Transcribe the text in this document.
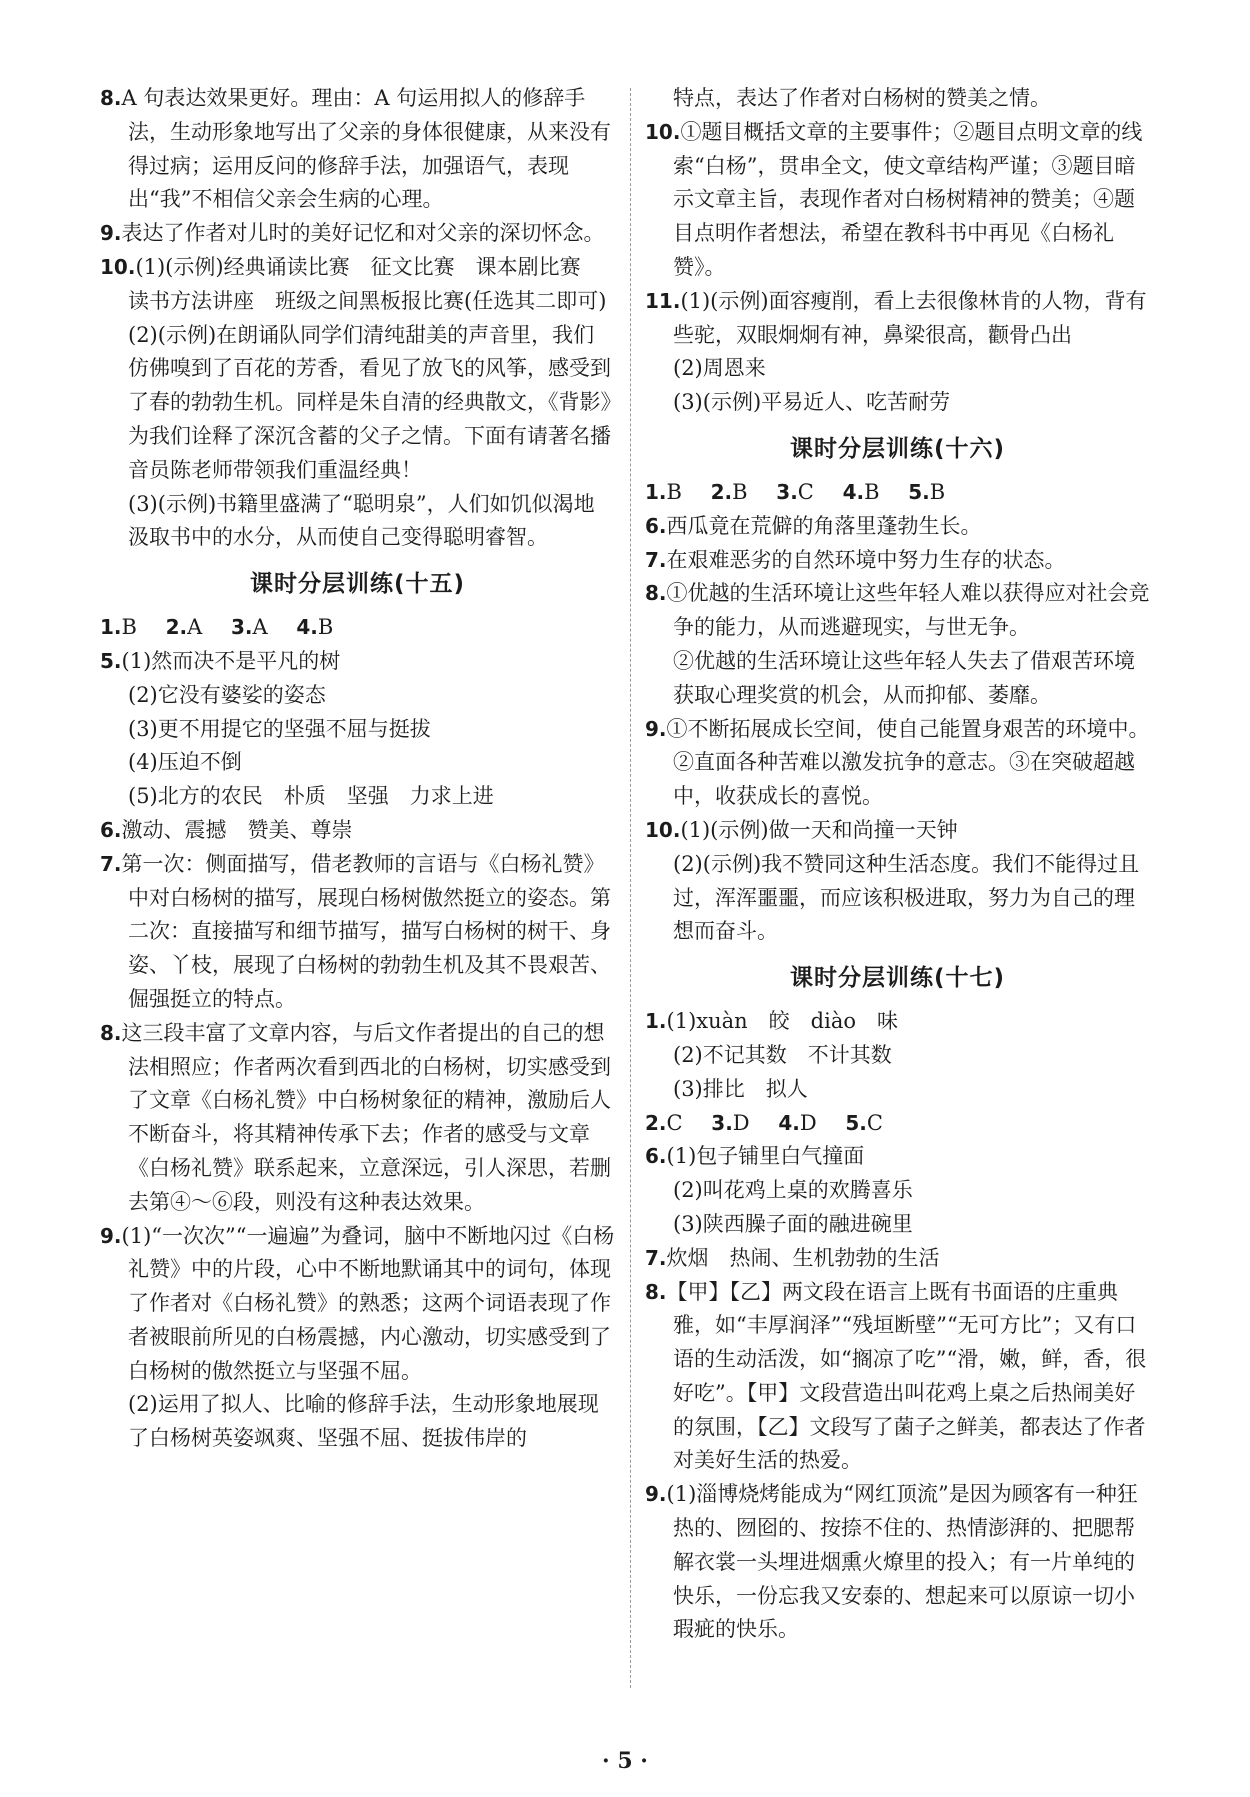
8.A 句表达效果更好。理由：A 句运用拟人的修辞手法，生动形象地写出了父亲的身体很健康，从来没有得过病；运用反问的修辞手法，加强语气，表现出“我”不相信父亲会生病的心理。

9.表达了作者对儿时的美好记忆和对父亲的深切怀念。

10.(1)(示例)经典诵读比赛　征文比赛　课本剧比赛　读书方法讲座　班级之间黑板报比赛(任选其二即可)
(2)(示例)在朗诵队同学们清纯甜美的声音里，我们仿佛嗅到了百花的芳香，看见了放飞的风筝，感受到了春的勃勃生机。同样是朱自清的经典散文，《背影》为我们诠释了深沉含蓄的父子之情。下面有请著名播音员陈老师带领我们重温经典！
(3)(示例)书籍里盛满了“聪明泉”，人们如饥似渴地汲取书中的水分，从而使自己变得聪明睿智。

课时分层训练(十五)

1.B 2.A 3.A 4.B

5.(1)然而决不是平凡的树
(2)它没有婆娑的姿态
(3)更不用提它的坚强不屈与挺拔
(4)压迫不倒
(5)北方的农民　朴质　坚强　力求上进

6.激动、震撼　赞美、尊崇

7.第一次：侧面描写，借老教师的言语与《白杨礼赞》中对白杨树的描写，展现白杨树傲然挺立的姿态。第二次：直接描写和细节描写，描写白杨树的树干、身姿、丫枝，展现了白杨树的勃勃生机及其不畏艰苦、倔强挺立的特点。

8.这三段丰富了文章内容，与后文作者提出的自己的想法相照应；作者两次看到西北的白杨树，切实感受到了文章《白杨礼赞》中白杨树象征的精神，激励后人不断奋斗，将其精神传承下去；作者的感受与文章《白杨礼赞》联系起来，立意深远，引人深思，若删去第④～⑥段，则没有这种表达效果。

9.(1)“一次次”“一遍遍”为叠词，脑中不断地闪过《白杨礼赞》中的片段，心中不断地默诵其中的词句，体现了作者对《白杨礼赞》的熟悉；这两个词语表现了作者被眼前所见的白杨震撼，内心激动，切实感受到了白杨树的傲然挺立与坚强不屈。
(2)运用了拟人、比喻的修辞手法，生动形象地展现了白杨树英姿飒爽、坚强不屈、挺拔伟岸的

特点，表达了作者对白杨树的赞美之情。

10.①题目概括文章的主要事件；②题目点明文章的线索“白杨”，贯串全文，使文章结构严谨；③题目暗示文章主旨，表现作者对白杨树精神的赞美；④题目点明作者想法，希望在教科书中再见《白杨礼赞》。

11.(1)(示例)面容瘦削，看上去很像林肯的人物，背有些驼，双眼炯炯有神，鼻梁很高，颧骨凸出
(2)周恩来
(3)(示例)平易近人、吃苦耐劳

课时分层训练(十六)

1.B 2.B 3.C 4.B 5.B

6.西瓜竟在荒僻的角落里蓬勃生长。

7.在艰难恶劣的自然环境中努力生存的状态。

8.①优越的生活环境让这些年轻人难以获得应对社会竞争的能力，从而逃避现实，与世无争。
②优越的生活环境让这些年轻人失去了借艰苦环境获取心理奖赏的机会，从而抑郁、萎靡。

9.①不断拓展成长空间，使自己能置身艰苦的环境中。②直面各种苦难以激发抗争的意志。③在突破超越中，收获成长的喜悦。

10.(1)(示例)做一天和尚撞一天钟
(2)(示例)我不赞同这种生活态度。我们不能得过且过，浑浑噩噩，而应该积极进取，努力为自己的理想而奋斗。

课时分层训练(十七)

1.(1)xuàn　皎　diào　味
(2)不记其数　不计其数
(3)排比　拟人

2.C 3.D 4.D 5.C

6.(1)包子铺里白气撞面
(2)叫花鸡上桌的欢腾喜乐
(3)陕西臊子面的融进碗里

7.炊烟　热闹、生机勃勃的生活

8.【甲】【乙】两文段在语言上既有书面语的庄重典雅，如“丰厚润泽”“残垣断壁”“无可方比”；又有口语的生动活泼，如“搁凉了吃”“滑，嫩，鲜，香，很好吃”。【甲】文段营造出叫花鸡上桌之后热闹美好的氛围，【乙】文段写了菌子之鲜美，都表达了作者对美好生活的热爱。

9.(1)淄博烧烤能成为“网红顶流”是因为顾客有一种狂热的、囫囵的、按捺不住的、热情澎湃的、把腮帮解衣裳一头埋进烟熏火燎里的投入；有一片单纯的快乐，一份忘我又安泰的、想起来可以原谅一切小瑕疵的快乐。

· 5 ·
